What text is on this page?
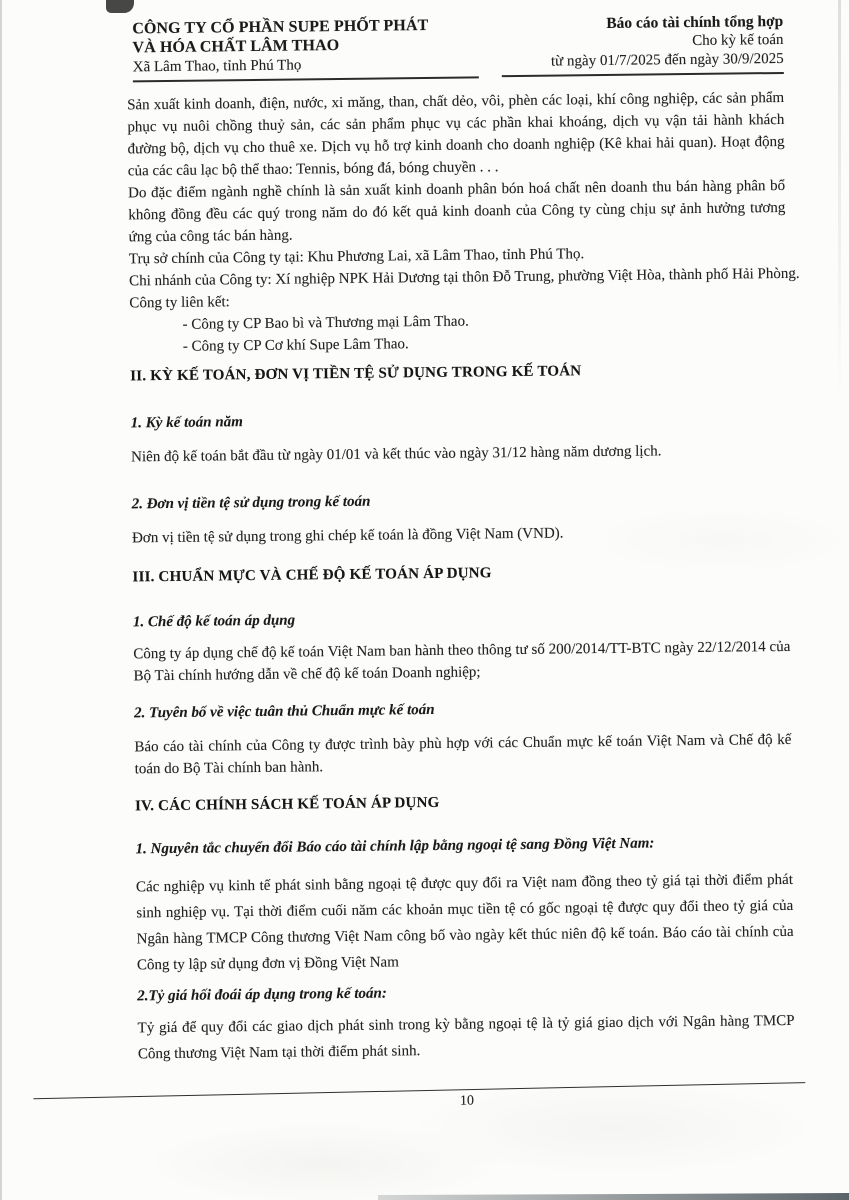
CÔNG TY CỔ PHẦN SUPE PHỐT PHÁT
VÀ HÓA CHẤT LÂM THAO
Xã Lâm Thao, tỉnh Phú Thọ
Báo cáo tài chính tổng hợp
Cho kỳ kế toán
từ ngày 01/7/2025 đến ngày 30/9/2025

Sản xuất kinh doanh, điện, nước, xi măng, than, chất dẻo, vôi, phèn các loại, khí công nghiệp, các sản phẩm phục vụ nuôi chồng thuỷ sản, các sản phẩm phục vụ các phần khai khoáng, dịch vụ vận tải hành khách đường bộ, dịch vụ cho thuê xe. Dịch vụ hỗ trợ kinh doanh cho doanh nghiệp (Kê khai hải quan). Hoạt động của các câu lạc bộ thể thao: Tennis, bóng đá, bóng chuyền . . .

Do đặc điểm ngành nghề chính là sản xuất kinh doanh phân bón hoá chất nên doanh thu bán hàng phân bổ không đồng đều các quý trong năm do đó kết quả kinh doanh của Công ty cùng chịu sự ảnh hưởng tương ứng của công tác bán hàng.

Trụ sở chính của Công ty tại: Khu Phương Lai, xã Lâm Thao, tỉnh Phú Thọ.

Chi nhánh của Công ty: Xí nghiệp NPK Hải Dương tại thôn Đỗ Trung, phường Việt Hòa, thành phố Hải Phòng.

Công ty liên kết:

- Công ty CP Bao bì và Thương mại Lâm Thao.

- Công ty CP Cơ khí Supe Lâm Thao.

II. KỲ KẾ TOÁN, ĐƠN VỊ TIỀN TỆ SỬ DỤNG TRONG KẾ TOÁN
1. Kỳ kế toán năm

Niên độ kế toán bắt đầu từ ngày 01/01 và kết thúc vào ngày 31/12 hàng năm dương lịch.

2. Đơn vị tiền tệ sử dụng trong kế toán

Đơn vị tiền tệ sử dụng trong ghi chép kế toán là đồng Việt Nam (VND).

III. CHUẨN MỰC VÀ CHẾ ĐỘ KẾ TOÁN ÁP DỤNG
1. Chế độ kế toán áp dụng

Công ty áp dụng chế độ kế toán Việt Nam ban hành theo thông tư số 200/2014/TT-BTC ngày 22/12/2014 của Bộ Tài chính hướng dẫn về chế độ kế toán Doanh nghiệp;

2. Tuyên bố về việc tuân thủ Chuẩn mực kế toán

Báo cáo tài chính của Công ty được trình bày phù hợp với các Chuẩn mực kế toán Việt Nam và Chế độ kế toán do Bộ Tài chính ban hành.

IV. CÁC CHÍNH SÁCH KẾ TOÁN ÁP DỤNG
1. Nguyên tắc chuyển đổi Báo cáo tài chính lập bằng ngoại tệ sang Đồng Việt Nam:

Các nghiệp vụ kinh tế phát sinh bằng ngoại tệ được quy đổi ra Việt nam đồng theo tỷ giá tại thời điểm phát sinh nghiệp vụ. Tại thời điểm cuối năm các khoản mục tiền tệ có gốc ngoại tệ được quy đổi theo tỷ giá của Ngân hàng TMCP Công thương Việt Nam công bố vào ngày kết thúc niên độ kế toán. Báo cáo tài chính của Công ty lập sử dụng đơn vị Đồng Việt Nam

2.Tỷ giá hối đoái áp dụng trong kế toán:

Tỷ giá để quy đổi các giao dịch phát sinh trong kỳ bằng ngoại tệ là tỷ giá giao dịch với Ngân hàng TMCP Công thương Việt Nam tại thời điểm phát sinh.

10
